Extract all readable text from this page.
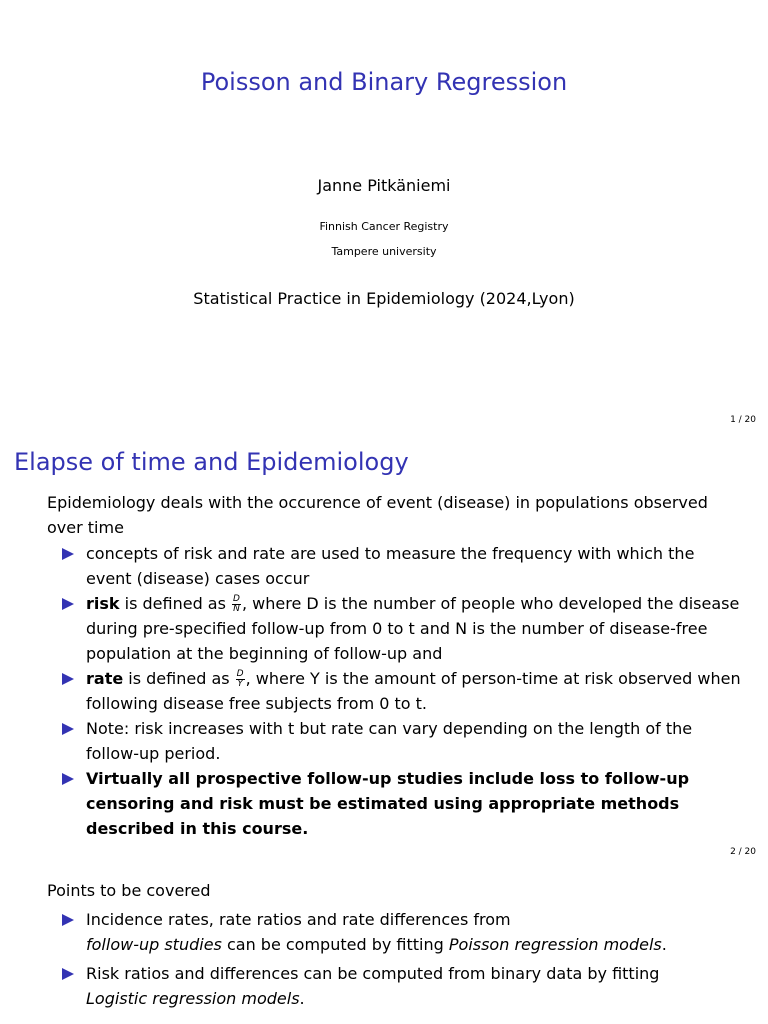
Poisson and Binary Regression
Janne Pitkäniemi
Finnish Cancer Registry
Tampere university
Statistical Practice in Epidemiology (2024,Lyon)
1 / 20
Elapse of time and Epidemiology
Epidemiology deals with the occurence of event (disease) in populations observed over time
concepts of risk and rate are used to measure the frequency with which the event (disease) cases occur
risk is defined as $\frac{D}{N}$ , where D is the number of people who developed the disease during pre-specified follow-up from 0 to t and N is the number of disease-free population at the beginning of follow-up and
rate is defined as $\frac{D}{Y}$ , where Y is the amount of person-time at risk observed when following disease free subjects from 0 to t.
Note: risk increases with t but rate can vary depending on the length of the follow-up period.
Virtually all prospective follow-up studies include loss to follow-up censoring and risk must be estimated using appropriate methods described in this course.
2 / 20
Points to be covered
Incidence rates, rate ratios and rate differences from
follow-up studies can be computed by fitting Poisson regression models.
Risk ratios and differences can be computed from binary data by fitting
Logistic regression models.
